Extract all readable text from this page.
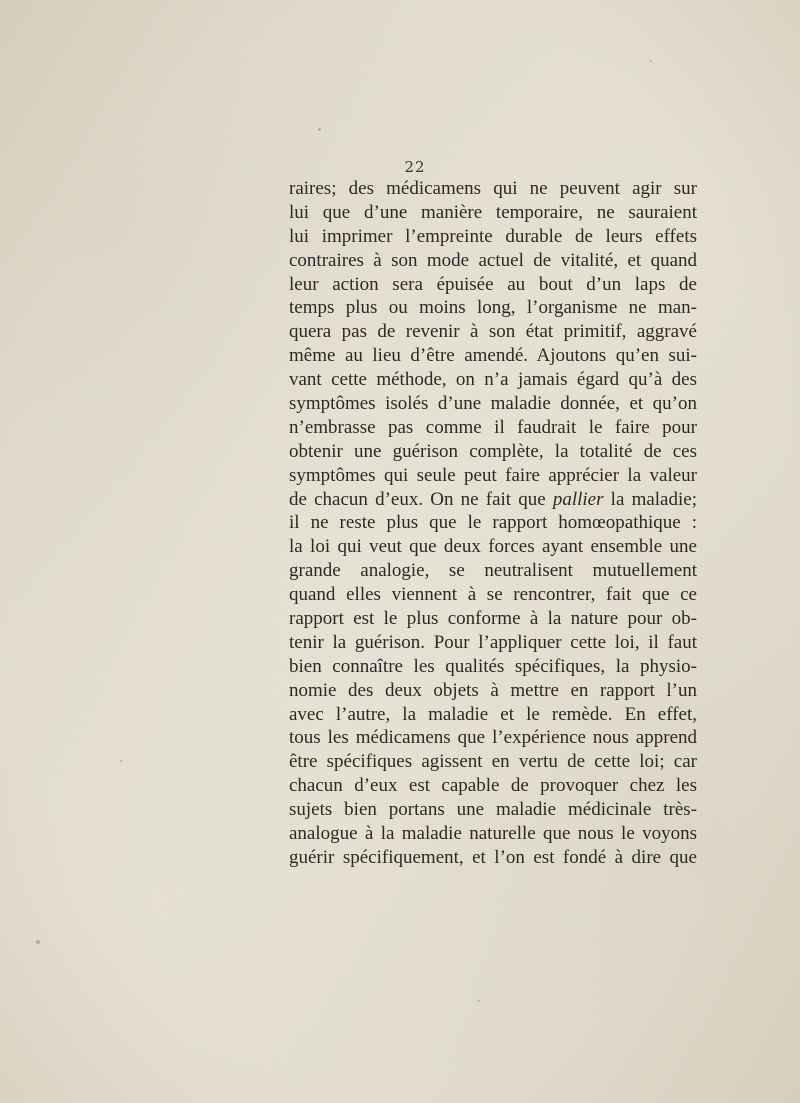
22
raires; des médicamens qui ne peuvent agir sur
lui que d’une manière temporaire, ne sauraient
lui imprimer l’empreinte durable de leurs effets
contraires à son mode actuel de vitalité, et quand
leur action sera épuisée au bout d’un laps de
temps plus ou moins long, l’organisme ne man-
quera pas de revenir à son état primitif, aggravé
même au lieu d’être amendé. Ajoutons qu’en sui-
vant cette méthode, on n’a jamais égard qu’à des
symptômes isolés d’une maladie donnée, et qu’on
n’embrasse pas comme il faudrait le faire pour
obtenir une guérison complète, la totalité de ces
symptômes qui seule peut faire apprécier la valeur
de chacun d’eux. On ne fait que pallier la maladie;
il ne reste plus que le rapport homœopathique :
la loi qui veut que deux forces ayant ensemble une
grande analogie, se neutralisent mutuellement
quand elles viennent à se rencontrer, fait que ce
rapport est le plus conforme à la nature pour ob-
tenir la guérison. Pour l’appliquer cette loi, il faut
bien connaître les qualités spécifiques, la physio-
nomie des deux objets à mettre en rapport l’un
avec l’autre, la maladie et le remède. En effet,
tous les médicamens que l’expérience nous apprend
être spécifiques agissent en vertu de cette loi; car
chacun d’eux est capable de provoquer chez les
sujets bien portans une maladie médicinale très-
analogue à la maladie naturelle que nous le voyons
guérir spécifiquement, et l’on est fondé à dire que
